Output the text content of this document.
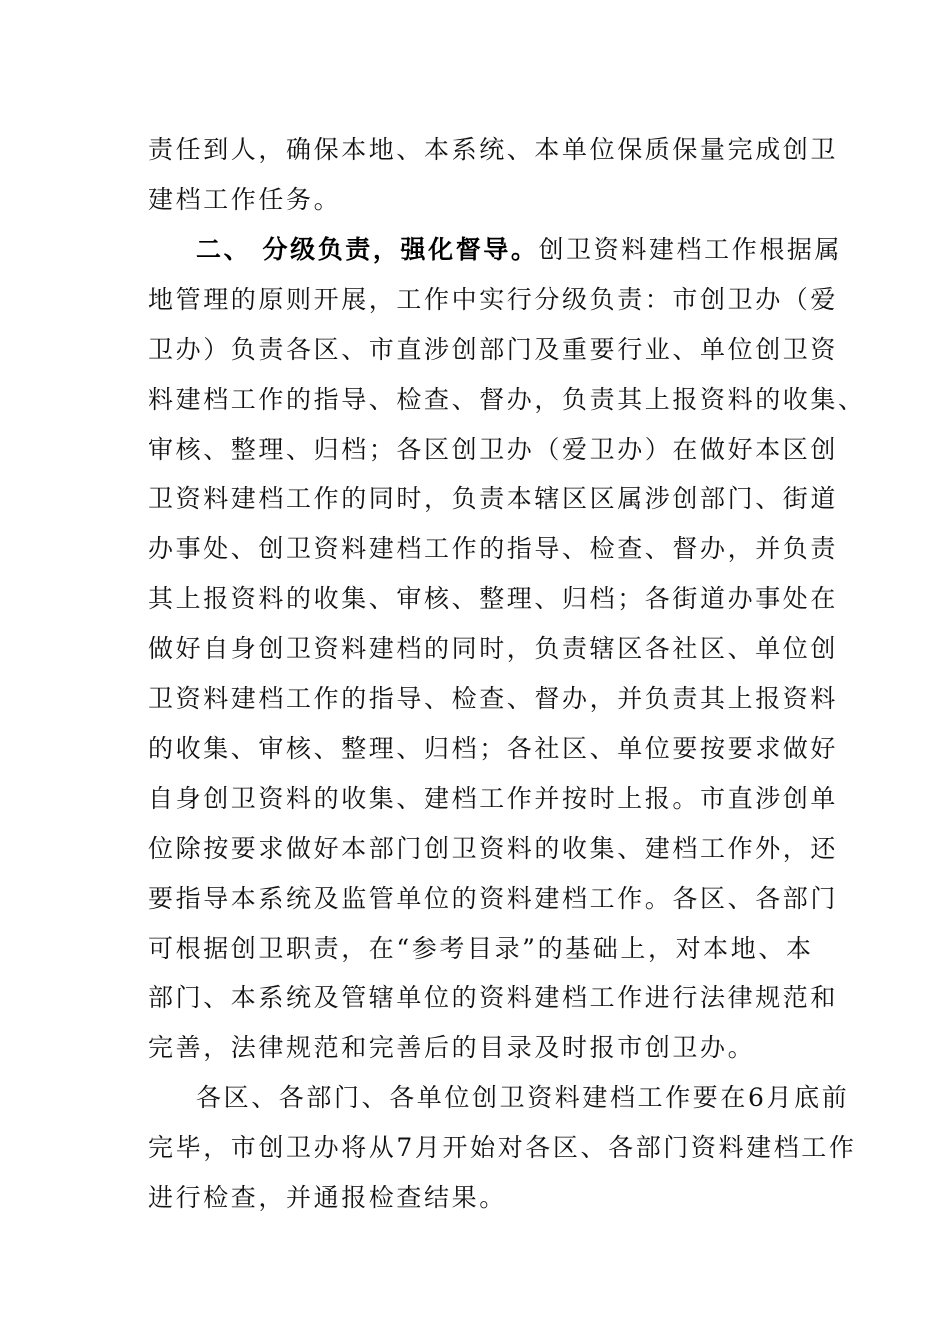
责任到人，确保本地、本系统、本单位保质保量完成创卫
建档工作任务。
二、 分级负责，强化督导。创卫资料建档工作根据属
地管理的原则开展，工作中实行分级负责：市创卫办（爱
卫办）负责各区、市直涉创部门及重要行业、单位创卫资
料建档工作的指导、检查、督办，负责其上报资料的收集、
审核、整理、归档；各区创卫办（爱卫办）在做好本区创
卫资料建档工作的同时，负责本辖区区属涉创部门、街道
办事处、创卫资料建档工作的指导、检查、督办，并负责
其上报资料的收集、审核、整理、归档；各街道办事处在
做好自身创卫资料建档的同时，负责辖区各社区、单位创
卫资料建档工作的指导、检查、督办，并负责其上报资料
的收集、审核、整理、归档；各社区、单位要按要求做好
自身创卫资料的收集、建档工作并按时上报。市直涉创单
位除按要求做好本部门创卫资料的收集、建档工作外，还
要指导本系统及监管单位的资料建档工作。各区、各部门
可根据创卫职责，在“参考目录”的基础上，对本地、本
部门、本系统及管辖单位的资料建档工作进行法律规范和
完善，法律规范和完善后的目录及时报市创卫办。
各区、各部门、各单位创卫资料建档工作要在6月底前
完毕，市创卫办将从7月开始对各区、各部门资料建档工作
进行检查，并通报检查结果。
